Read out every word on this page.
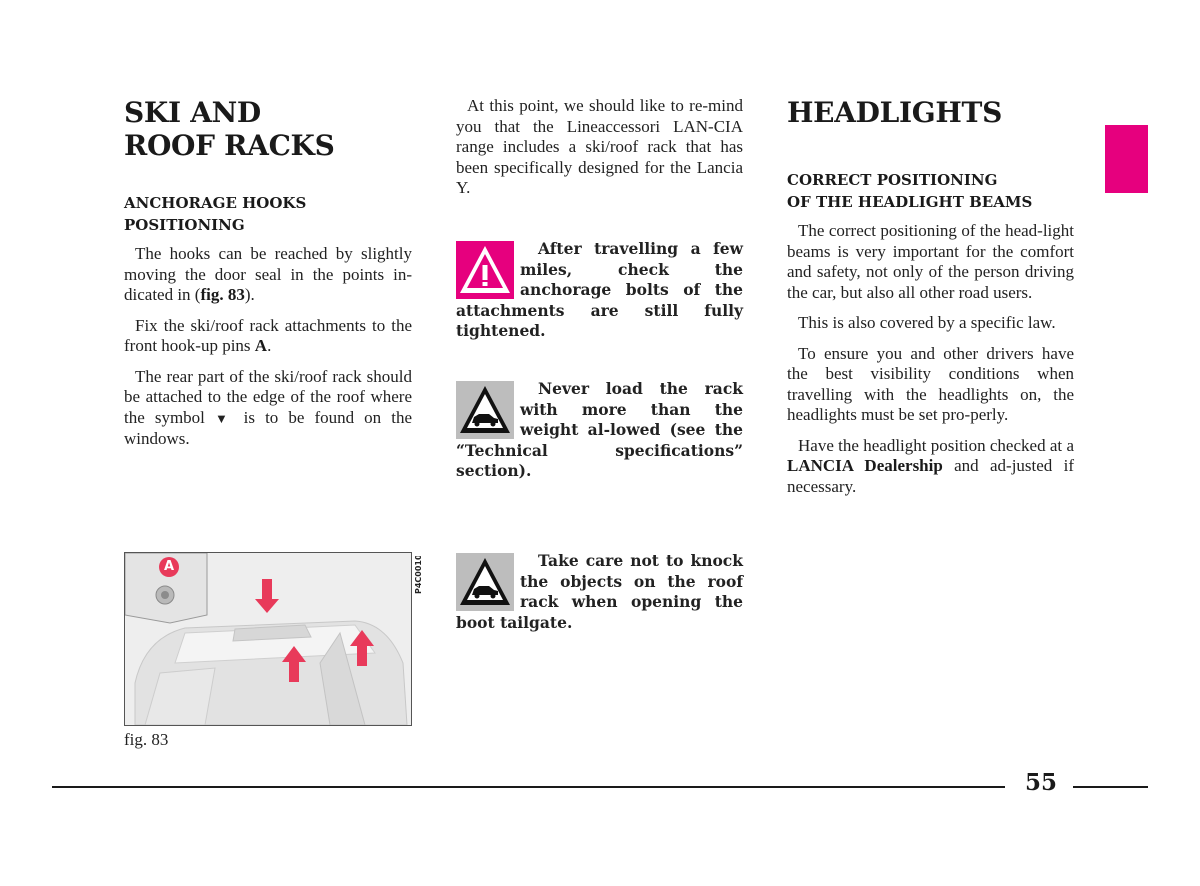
SKI AND
ROOF RACKS
ANCHORAGE HOOKS
POSITIONING

The hooks can be reached by slightly moving the door seal in the points in-dicated in (fig. 83).

Fix the ski/roof rack attachments to the front hook-up pins A.

The rear part of the ski/roof rack should be attached to the edge of the roof where the symbol ▼ is to be found on the windows.

A	P4C00104
fig. 83

At this point, we should like to re-mind you that the Lineaccessori LAN-CIA range includes a ski/roof rack that has been specifically designed for the Lancia Y.

After travelling a few miles, check the anchorage bolts of the attachments are still fully tightened.

Never load the rack with more than the weight al-lowed (see the “Technical specifications” section).

Take care not to knock the objects on the roof rack when opening the boot tailgate.

HEADLIGHTS
CORRECT POSITIONING
OF THE HEADLIGHT BEAMS

The correct positioning of the head-light beams is very important for the comfort and safety, not only of the person driving the car, but also all other road users.

This is also covered by a specific law.

To ensure you and other drivers have the best visibility conditions when travelling with the headlights on, the headlights must be set pro-perly.

Have the headlight position checked at a LANCIA Dealership and ad-justed if necessary.

55
